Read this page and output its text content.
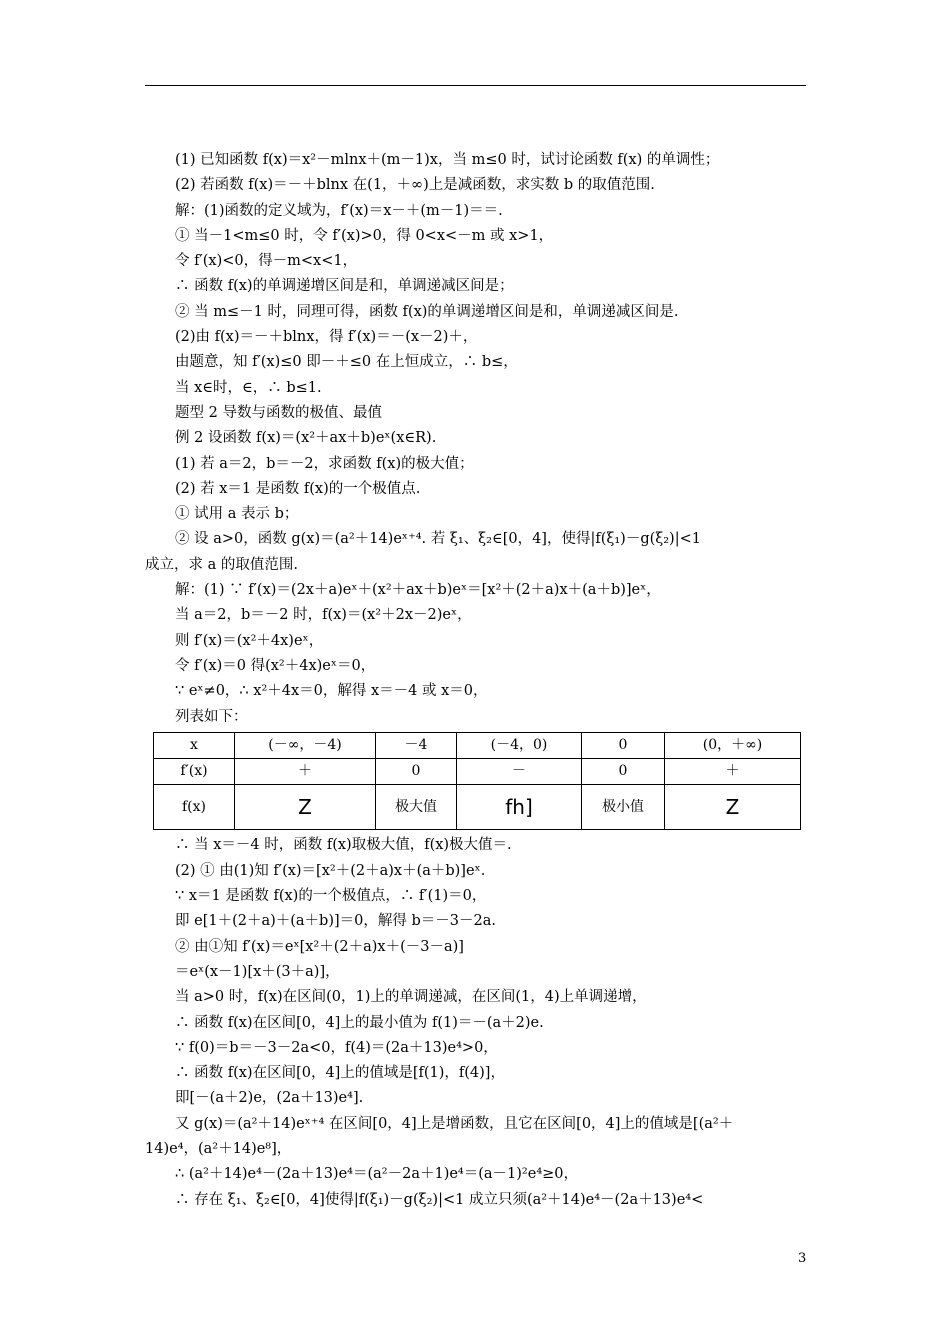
(1) 已知函数 f(x)＝x²－mlnx＋(m－1)x，当 m≤0 时，试讨论函数 f(x) 的单调性；
(2) 若函数 f(x)＝－＋blnx 在(1，＋∞)上是减函数，求实数 b 的取值范围.
解：(1)函数的定义域为，f′(x)＝x－＋(m－1)＝＝.
① 当－1<m≤0 时，令 f′(x)>0，得 0<x<－m 或 x>1，
令 f′(x)<0，得－m<x<1，
∴ 函数 f(x)的单调递增区间是和，单调递减区间是；
② 当 m≤－1 时，同理可得，函数 f(x)的单调递增区间是和，单调递减区间是.
(2)由 f(x)＝－＋blnx，得 f′(x)＝－(x－2)＋，
由题意，知 f′(x)≤0 即－＋≤0 在上恒成立，∴ b≤，
当 x∈时，∈，∴ b≤1.
题型 2 导数与函数的极值、最值
例 2 设函数 f(x)＝(x²＋ax＋b)eˣ(x∈R).
(1) 若 a＝2，b＝－2，求函数 f(x)的极大值；
(2) 若 x＝1 是函数 f(x)的一个极值点.
① 试用 a 表示 b；
② 设 a>0，函数 g(x)＝(a²＋14)eˣ⁺⁴. 若 ξ₁、ξ₂∈[0，4]，使得|f(ξ₁)－g(ξ₂)|<1
成立，求 a 的取值范围.
解：(1) ∵ f′(x)＝(2x＋a)eˣ＋(x²＋ax＋b)eˣ＝[x²＋(2＋a)x＋(a＋b)]eˣ，
当 a＝2，b＝－2 时，f(x)＝(x²＋2x－2)eˣ，
则 f′(x)＝(x²＋4x)eˣ，
令 f′(x)＝0 得(x²＋4x)eˣ＝0，
∵ eˣ≠0，∴ x²＋4x＝0，解得 x＝－4 或 x＝0，
列表如下：
x	(－∞，－4)	－4	(－4，0)	0	(0，＋∞)
f′(x)	＋	0	－	0	＋
f(x)	Z	极大值	fh]	极小值	Z
∴ 当 x＝－4 时，函数 f(x)取极大值，f(x)极大值＝.
(2) ① 由(1)知 f′(x)＝[x²＋(2＋a)x＋(a＋b)]eˣ.
∵ x＝1 是函数 f(x)的一个极值点，∴ f′(1)＝0，
即 e[1＋(2＋a)＋(a＋b)]＝0，解得 b＝－3－2a.
② 由①知 f′(x)＝eˣ[x²＋(2＋a)x＋(－3－a)]
＝eˣ(x－1)[x＋(3＋a)]，
当 a>0 时，f(x)在区间(0，1)上的单调递减，在区间(1，4)上单调递增，
∴ 函数 f(x)在区间[0，4]上的最小值为 f(1)＝－(a＋2)e.
∵ f(0)＝b＝－3－2a<0，f(4)＝(2a＋13)e⁴>0，
∴ 函数 f(x)在区间[0，4]上的值域是[f(1)，f(4)]，
即[－(a＋2)e，(2a＋13)e⁴].
又 g(x)＝(a²＋14)eˣ⁺⁴ 在区间[0，4]上是增函数，且它在区间[0，4]上的值域是[(a²＋
14)e⁴，(a²＋14)e⁸]，
∴ (a²＋14)e⁴－(2a＋13)e⁴＝(a²－2a＋1)e⁴＝(a－1)²e⁴≥0，
∴ 存在 ξ₁、ξ₂∈[0，4]使得|f(ξ₁)－g(ξ₂)|<1 成立只须(a²＋14)e⁴－(2a＋13)e⁴<
3
